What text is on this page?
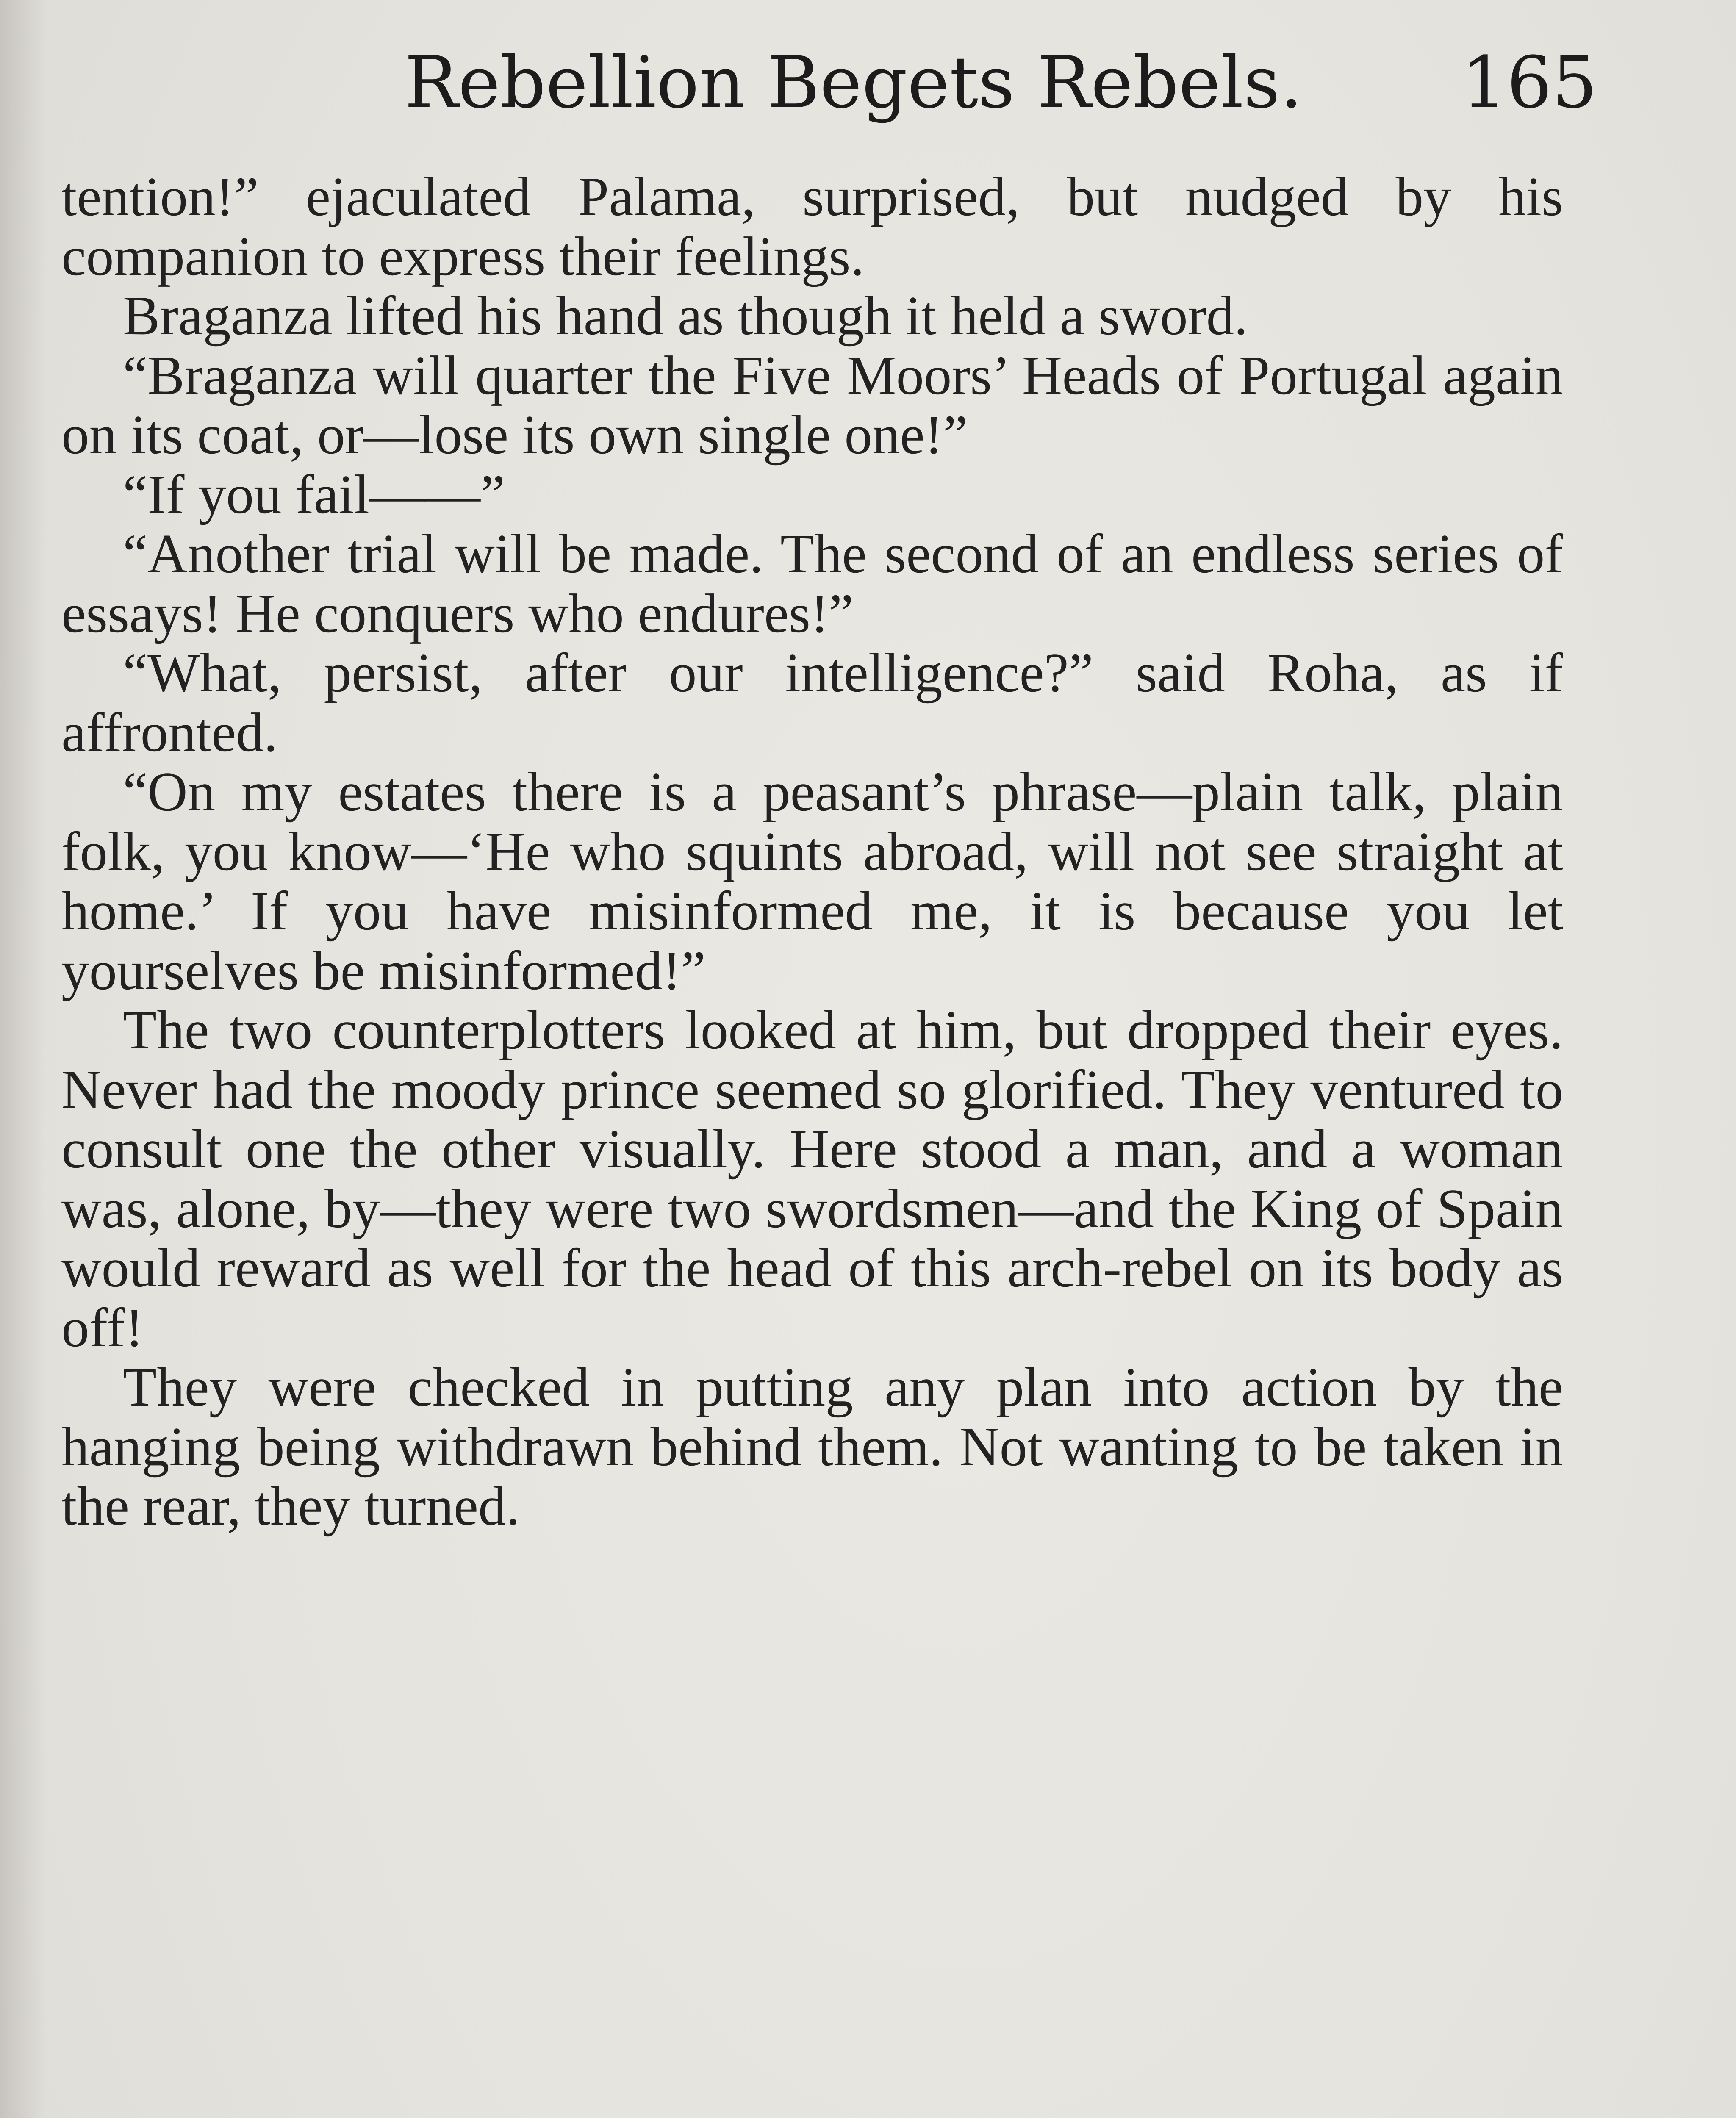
Rebellion Begets Rebels. 165

tention!” ejaculated Palama, surprised, but nudged by his companion to express their feelings.

Braganza lifted his hand as though it held a sword.

“Braganza will quarter the Five Moors’ Heads of Portugal again on its coat, or—lose its own single one!”

“If you fail——”

“Another trial will be made. The second of an endless series of essays! He conquers who endures!”

“What, persist, after our intelligence?” said Roha, as if affronted.

“On my estates there is a peasant’s phrase—plain talk, plain folk, you know—‘He who squints abroad, will not see straight at home.’ If you have misinformed me, it is because you let yourselves be misinformed!”

The two counterplotters looked at him, but dropped their eyes. Never had the moody prince seemed so glorified. They ventured to consult one the other visually. Here stood a man, and a woman was, alone, by—they were two swordsmen—and the King of Spain would reward as well for the head of this arch-rebel on its body as off!

They were checked in putting any plan into action by the hanging being withdrawn behind them. Not wanting to be taken in the rear, they turned.
